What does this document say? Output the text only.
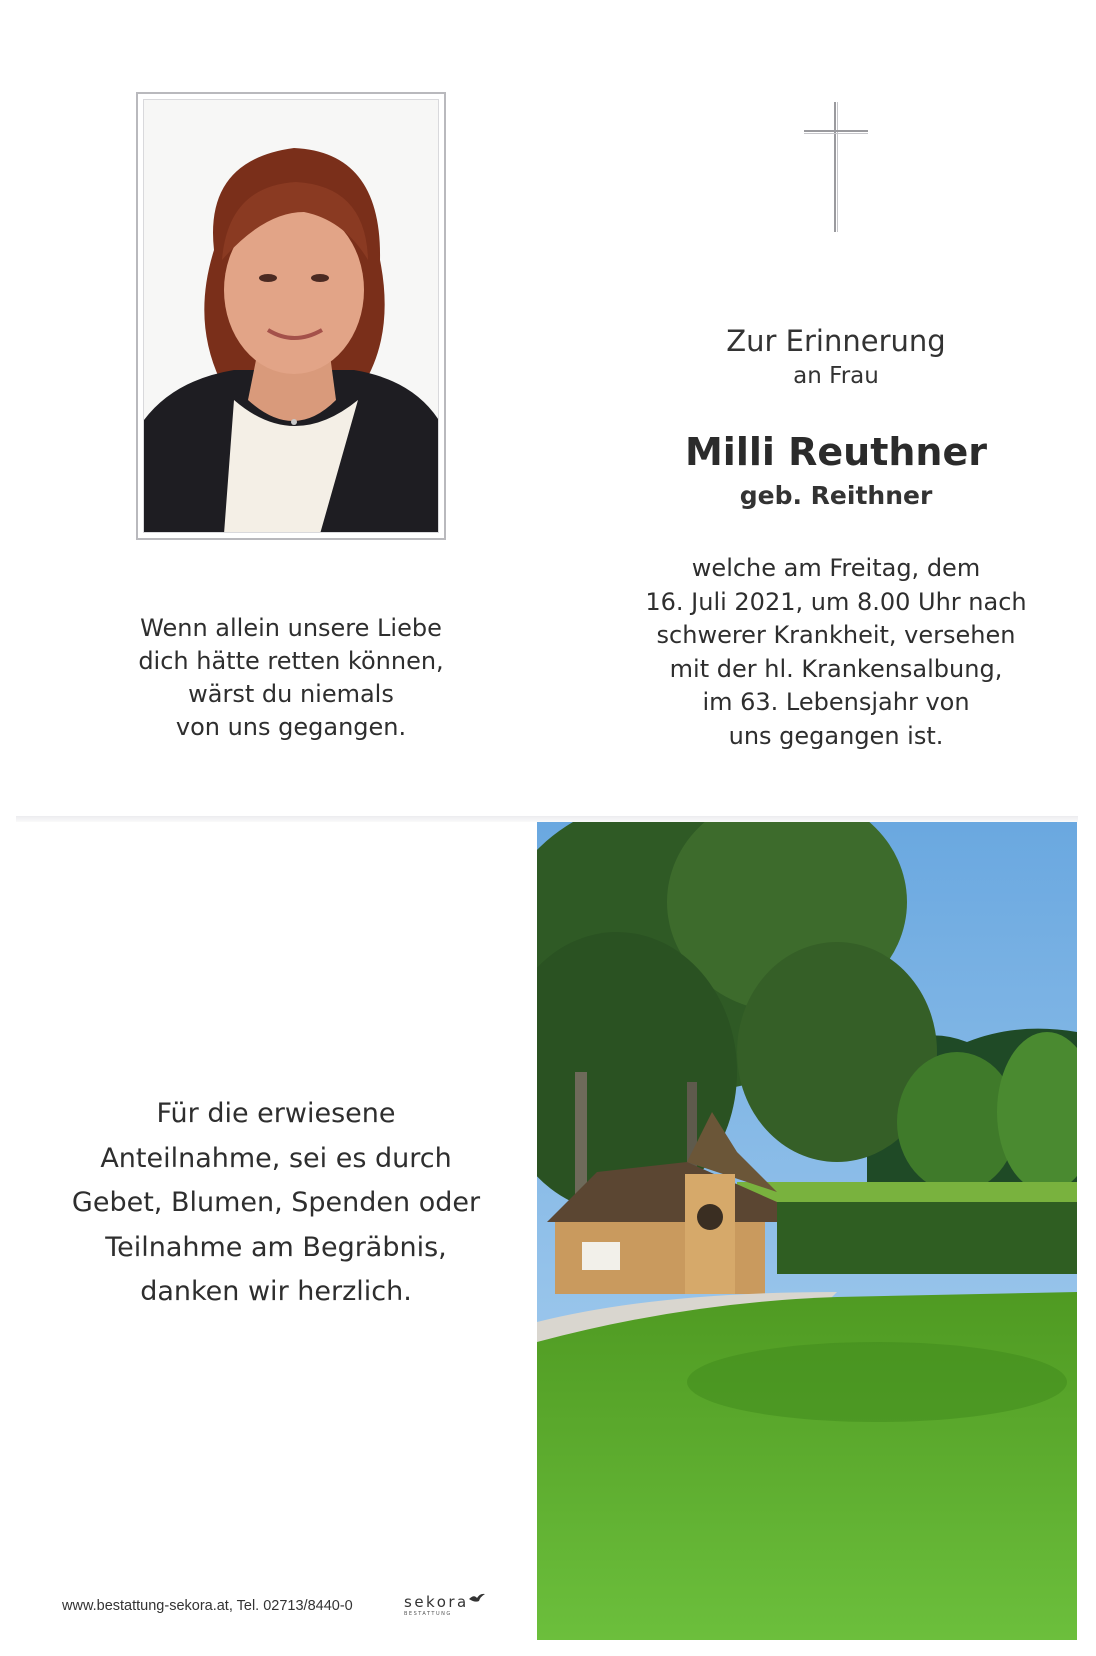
Wenn allein unsere Liebe
dich hätte retten können,
wärst du niemals
von uns gegangen.
Zur Erinnerung
an Frau
Milli Reuthner
geb. Reithner
welche am Freitag, dem
16. Juli 2021, um 8.00 Uhr nach
schwerer Krankheit, versehen
mit der hl. Krankensalbung,
im 63. Lebensjahr von
uns gegangen ist.
Für die erwiesene
Anteilnahme, sei es durch
Gebet, Blumen, Spenden oder
Teilnahme am Begräbnis,
danken wir herzlich.
www.bestattung-sekora.at, Tel. 02713/8440-0	sekora
BESTATTUNG
